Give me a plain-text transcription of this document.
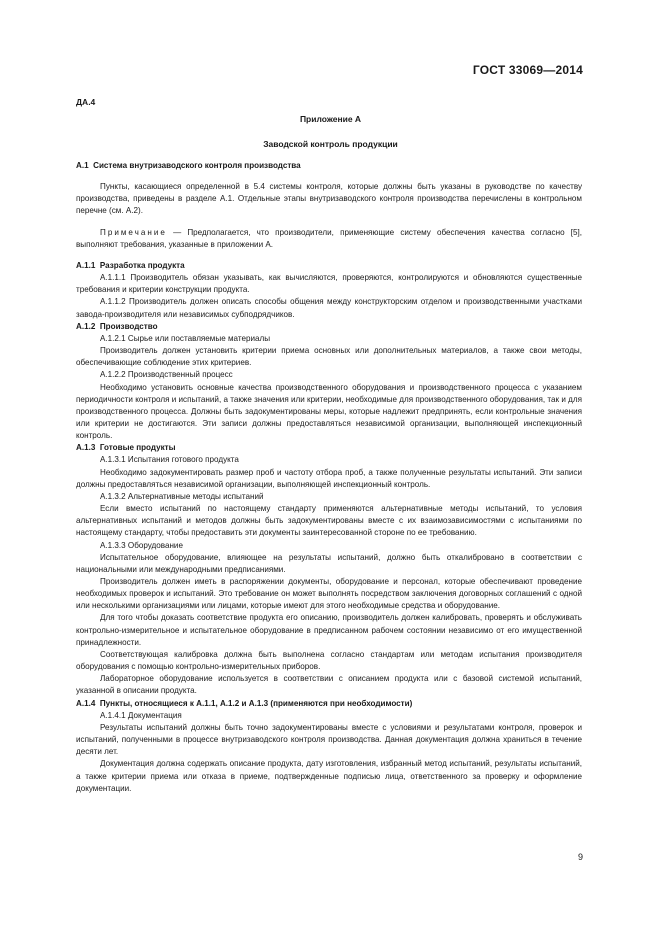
ГОСТ 33069—2014
ДА.4
Приложение А
Заводской контроль продукции

А.1 Система внутризаводского контроля производства

Пункты, касающиеся определенной в 5.4 системы контроля, которые должны быть указаны в руководстве по качеству производства, приведены в разделе А.1. Отдельные этапы внутризаводского контроля производства перечислены в контрольном перечне (см. А.2).

Примечание — Предполагается, что производители, применяющие систему обеспечения качества согласно [5], выполняют требования, указанные в приложении А.

А.1.1 Разработка продукта

А.1.1.1 Производитель обязан указывать, как вычисляются, проверяются, контролируются и обновляются существенные требования и критерии конструкции продукта.

А.1.1.2 Производитель должен описать способы общения между конструкторским отделом и производственными участками завода-производителя или независимых субподрядчиков.

А.1.2 Производство

А.1.2.1 Сырье или поставляемые материалы

Производитель должен установить критерии приема основных или дополнительных материалов, а также свои методы, обеспечивающие соблюдение этих критериев.

А.1.2.2 Производственный процесс

Необходимо установить основные качества производственного оборудования и производственного процесса с указанием периодичности контроля и испытаний, а также значения или критерии, необходимые для производственного оборудования, так и для производственного процесса. Должны быть задокументированы меры, которые надлежит предпринять, если контрольные значения или критерии не достигаются. Эти записи должны предоставляться независимой организации, выполняющей инспекционный контроль.

А.1.3 Готовые продукты

А.1.3.1 Испытания готового продукта

Необходимо задокументировать размер проб и частоту отбора проб, а также полученные результаты испытаний. Эти записи должны предоставляться независимой организации, выполняющей инспекционный контроль.

А.1.3.2 Альтернативные методы испытаний

Если вместо испытаний по настоящему стандарту применяются альтернативные методы испытаний, то условия альтернативных испытаний и методов должны быть задокументированы вместе с их взаимозависимостями с испытаниями по настоящему стандарту, чтобы предоставить эти документы заинтересованной стороне по ее требованию.

А.1.3.3 Оборудование

Испытательное оборудование, влияющее на результаты испытаний, должно быть откалибровано в соответствии с национальными или международными предписаниями.

Производитель должен иметь в распоряжении документы, оборудование и персонал, которые обеспечивают проведение необходимых проверок и испытаний. Это требование он может выполнять посредством заключения договорных соглашений с одной или несколькими организациями или лицами, которые имеют для этого необходимые средства и оборудование.

Для того чтобы доказать соответствие продукта его описанию, производитель должен калибровать, проверять и обслуживать контрольно-измерительное и испытательное оборудование в предписанном рабочем состоянии независимо от его имущественной принадлежности.

Соответствующая калибровка должна быть выполнена согласно стандартам или методам испытания производителя оборудования с помощью контрольно-измерительных приборов.

Лабораторное оборудование используется в соответствии с описанием продукта или с базовой системой испытаний, указанной в описании продукта.

А.1.4 Пункты, относящиеся к А.1.1, А.1.2 и А.1.3 (применяются при необходимости)

А.1.4.1 Документация

Результаты испытаний должны быть точно задокументированы вместе с условиями и результатами контроля, проверок и испытаний, полученными в процессе внутризаводского контроля производства. Данная документация должна храниться в течение десяти лет.

Документация должна содержать описание продукта, дату изготовления, избранный метод испытаний, результаты испытаний, а также критерии приема или отказа в приеме, подтвержденные подписью лица, ответственного за проверку и оформление документации.

9
